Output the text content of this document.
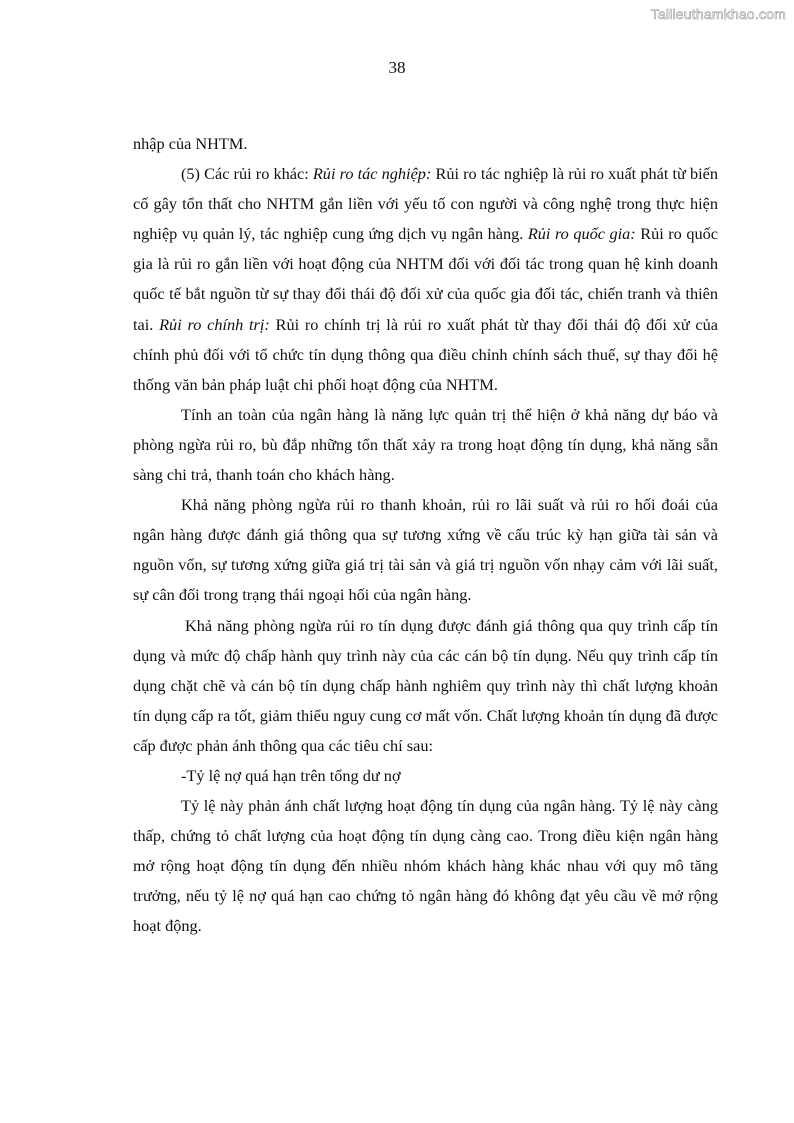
Tailieuthamkhao.com
38

nhập của NHTM.

(5) Các rủi ro khác: Rủi ro tác nghiệp: Rủi ro tác nghiệp là rủi ro xuất phát từ biến cố gây tổn thất cho NHTM gắn liền với yếu tố con người và công nghệ trong thực hiện nghiệp vụ quản lý, tác nghiệp cung ứng dịch vụ ngân hàng. Rủi ro quốc gia: Rủi ro quốc gia là rủi ro gắn liền với hoạt động của NHTM đối với đối tác trong quan hệ kinh doanh quốc tế bắt nguồn từ sự thay đổi thái độ đối xử của quốc gia đối tác, chiến tranh và thiên tai. Rủi ro chính trị: Rủi ro chính trị là rủi ro xuất phát từ thay đổi thái độ đối xử của chính phủ đối với tổ chức tín dụng thông qua điều chỉnh chính sách thuế, sự thay đổi hệ thống văn bản pháp luật chi phối hoạt động của NHTM.

Tính an toàn của ngân hàng là năng lực quản trị thể hiện ở khả năng dự báo và phòng ngừa rủi ro, bù đắp những tổn thất xảy ra trong hoạt động tín dụng, khả năng sẵn sàng chi trả, thanh toán cho khách hàng.

Khả năng phòng ngừa rủi ro thanh khoản, rủi ro lãi suất và rủi ro hối đoái của ngân hàng được đánh giá thông qua sự tương xứng về cấu trúc kỳ hạn giữa tài sản và nguồn vốn, sự tương xứng giữa giá trị tài sản và giá trị nguồn vốn nhạy cảm với lãi suất, sự cân đối trong trạng thái ngoại hối của ngân hàng.

Khả năng phòng ngừa rủi ro tín dụng được đánh giá thông qua quy trình cấp tín dụng và mức độ chấp hành quy trình này của các cán bộ tín dụng. Nếu quy trình cấp tín dụng chặt chẽ và cán bộ tín dụng chấp hành nghiêm quy trình này thì chất lượng khoản tín dụng cấp ra tốt, giảm thiểu nguy cung cơ mất vốn. Chất lượng khoản tín dụng đã được cấp được phản ánh thông qua các tiêu chí sau:

-Tỷ lệ nợ quá hạn trên tổng dư nợ

Tỷ lệ này phản ánh chất lượng hoạt động tín dụng của ngân hàng. Tỷ lệ này càng thấp, chứng tỏ chất lượng của hoạt động tín dụng càng cao. Trong điều kiện ngân hàng mở rộng hoạt động tín dụng đến nhiều nhóm khách hàng khác nhau với quy mô tăng trưởng, nếu tỷ lệ nợ quá hạn cao chứng tỏ ngân hàng đó không đạt yêu cầu về mở rộng hoạt động.
